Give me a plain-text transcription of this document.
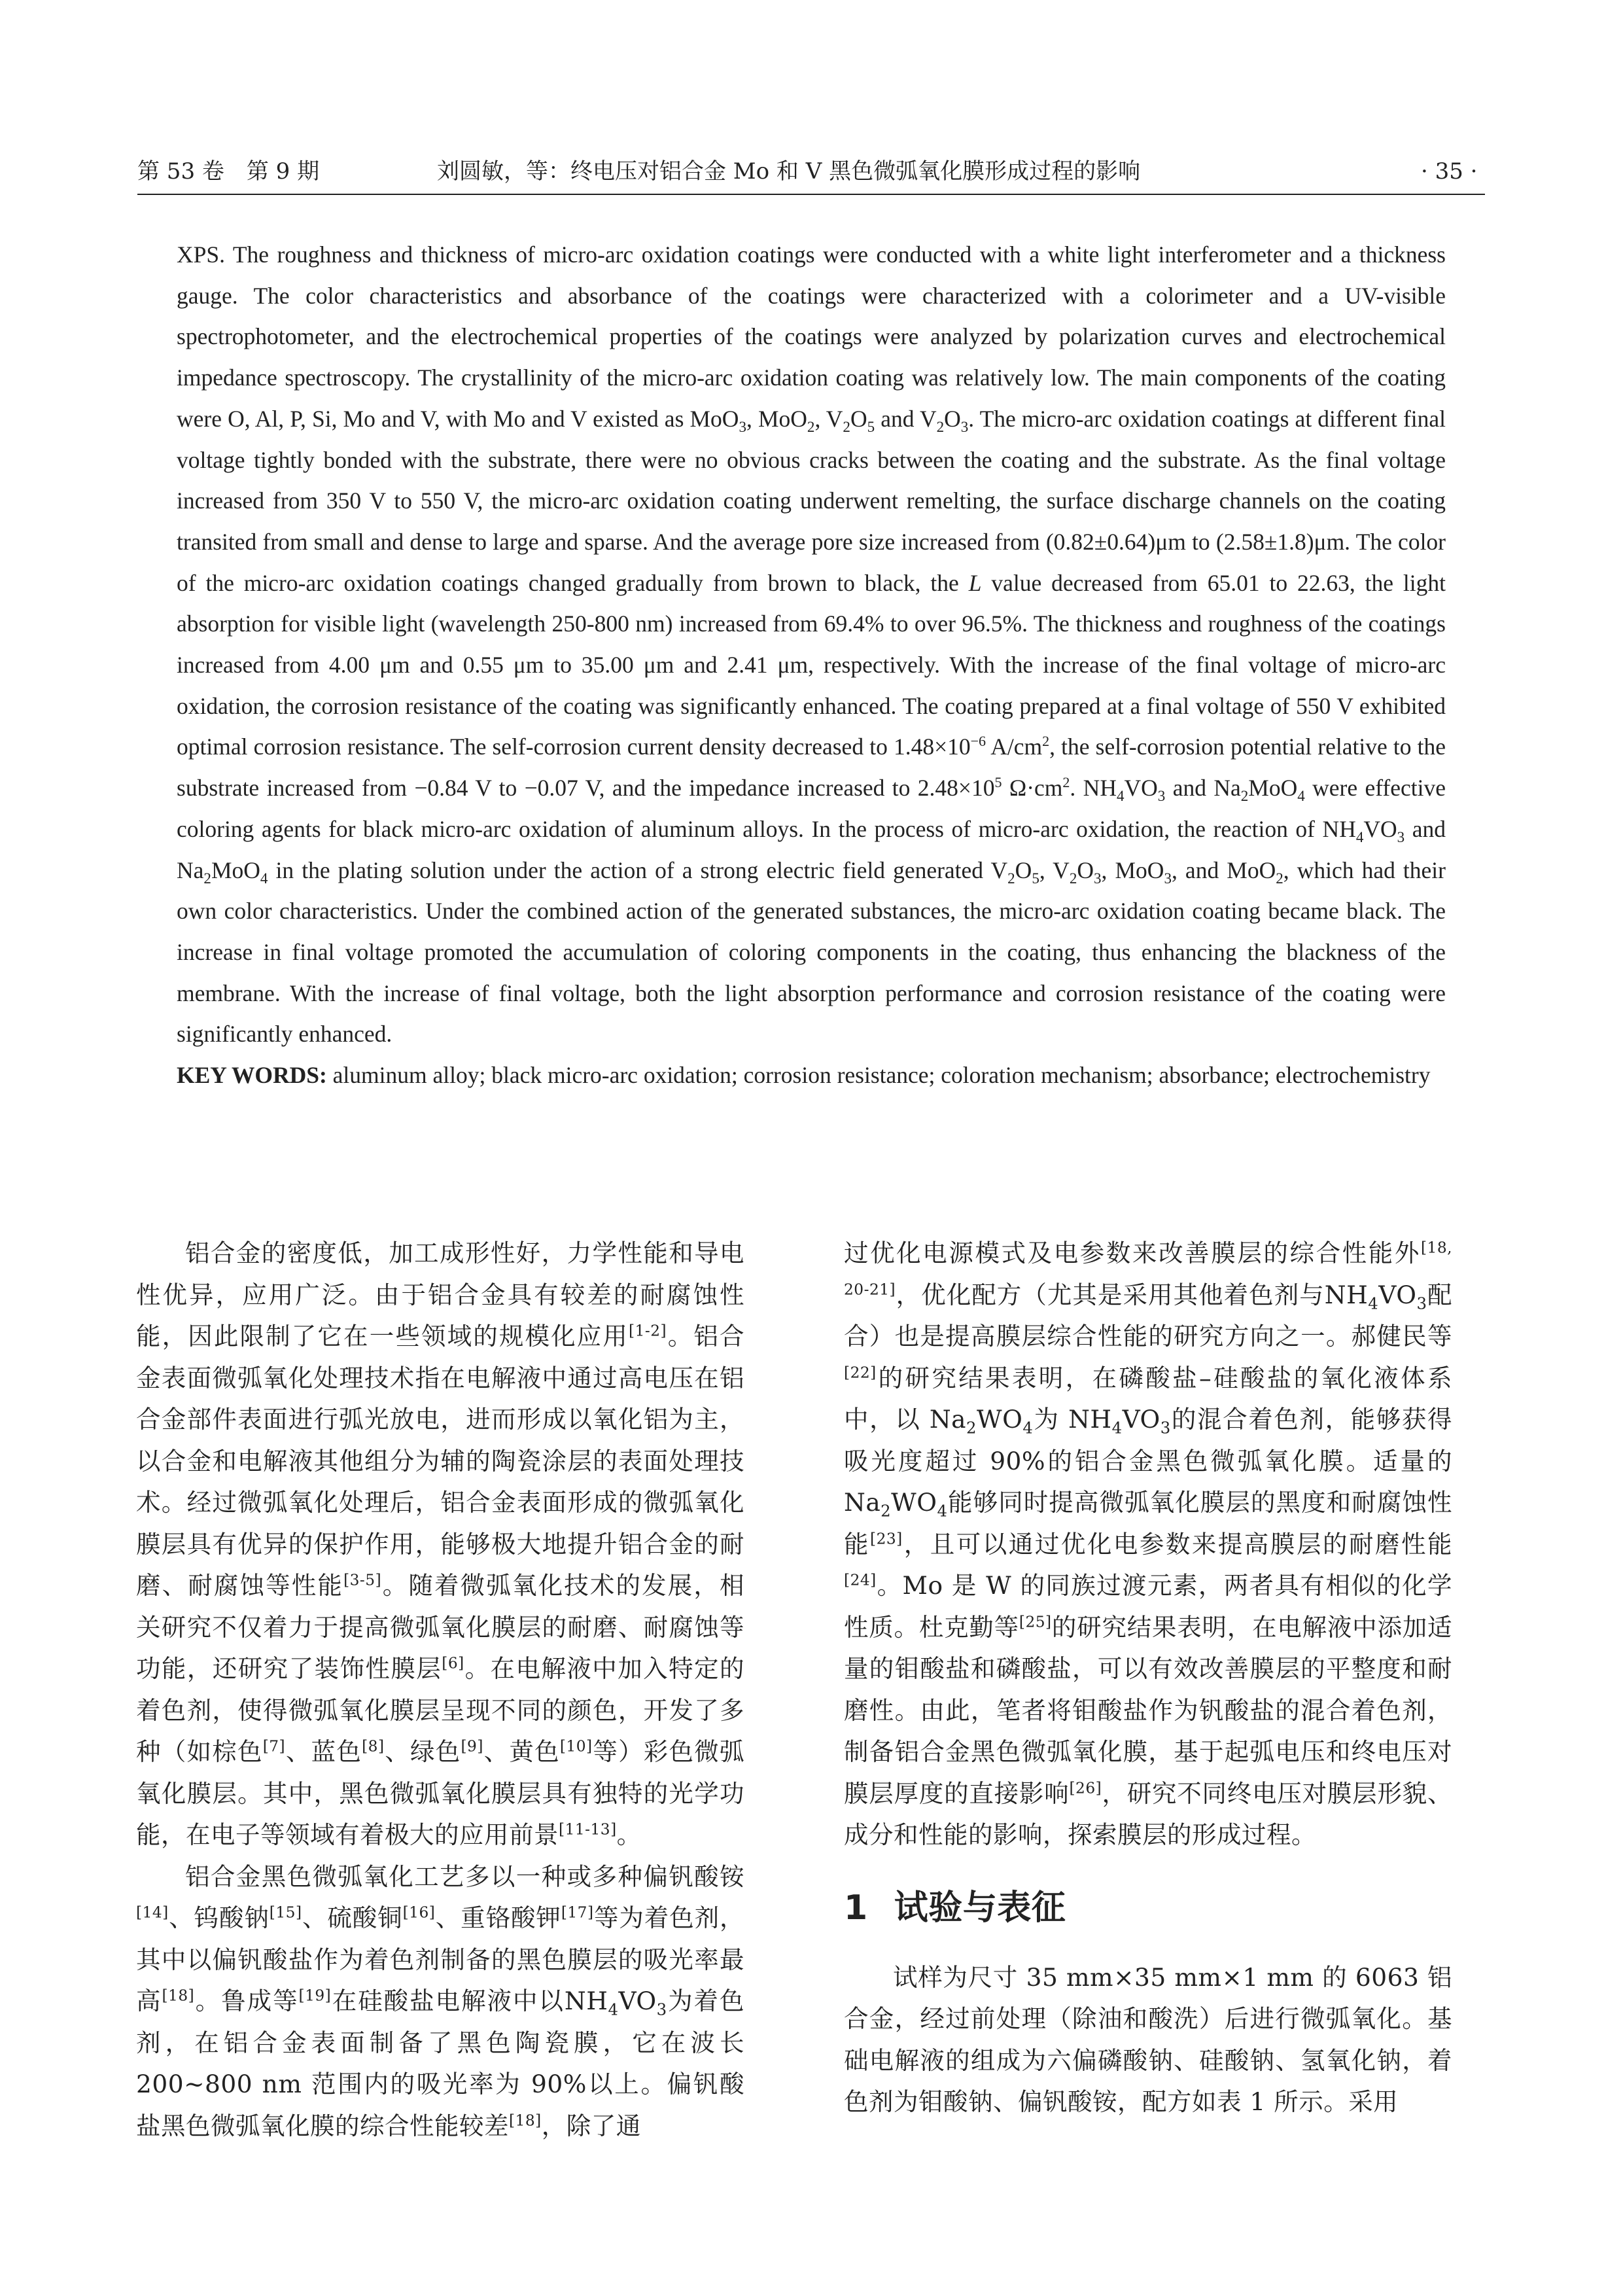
第 53 卷　第 9 期	刘圆敏，等：终电压对铝合金 Mo 和 V 黑色微弧氧化膜形成过程的影响	· 35 ·

XPS. The roughness and thickness of micro-arc oxidation coatings were conducted with a white light interferometer and a thickness gauge. The color characteristics and absorbance of the coatings were characterized with a colorimeter and a UV-visible spectrophotometer, and the electrochemical properties of the coatings were analyzed by polarization curves and electrochemical impedance spectroscopy. The crystallinity of the micro-arc oxidation coating was relatively low. The main components of the coating were O, Al, P, Si, Mo and V, with Mo and V existed as MoO$_3$, MoO$_2$, $V_2O_5$ and $V_2O_3$. The micro-arc oxidation coatings at different final voltage tightly bonded with the substrate, there were no obvious cracks between the coating and the substrate. As the final voltage increased from 350 V to 550 V, the micro-arc oxidation coating underwent remelting, the surface discharge channels on the coating transited from small and dense to large and sparse. And the average pore size increased from (0.82±0.64)μm to (2.58±1.8)μm. The color of the micro-arc oxidation coatings changed gradually from brown to black, the L value decreased from 65.01 to 22.63, the light absorption for visible light (wavelength 250-800 nm) increased from 69.4% to over 96.5%. The thickness and roughness of the coatings increased from 4.00 μm and 0.55 μm to 35.00 μm and 2.41 μm, respectively. With the increase of the final voltage of micro-arc oxidation, the corrosion resistance of the coating was significantly enhanced. The coating prepared at a final voltage of 550 V exhibited optimal corrosion resistance. The self-corrosion current density decreased to $1.48\times 10^{-6}$ $A/cm^2$, the self-corrosion potential relative to the substrate increased from −0.84 V to −0.07 V, and the impedance increased to $2.48\times 10^5$ $\Omega\cdot cm^2$. $NH_4VO_3$ and $Na_2MoO_4$ were effective coloring agents for black micro-arc oxidation of aluminum alloys. In the process of micro-arc oxidation, the reaction of $NH_4VO_3$ and $Na_2MoO_4$ in the plating solution under the action of a strong electric field generated $V_2O_5$, $V_2O_3$, MoO$_3$, and MoO$_2$, which had their own color characteristics. Under the combined action of the generated substances, the micro-arc oxidation coating became black. The increase in final voltage promoted the accumulation of coloring components in the coating, thus enhancing the blackness of the membrane. With the increase of final voltage, both the light absorption performance and corrosion resistance of the coating were significantly enhanced.

KEY WORDS: aluminum alloy; black micro-arc oxidation; corrosion resistance; coloration mechanism; absorbance; electrochemistry

铝合金的密度低，加工成形性好，力学性能和导电性优异，应用广泛。由于铝合金具有较差的耐腐蚀性能，因此限制了它在一些领域的规模化应用[1-2]。铝合金表面微弧氧化处理技术指在电解液中通过高电压在铝合金部件表面进行弧光放电，进而形成以氧化铝为主，以合金和电解液其他组分为辅的陶瓷涂层的表面处理技术。经过微弧氧化处理后，铝合金表面形成的微弧氧化膜层具有优异的保护作用，能够极大地提升铝合金的耐磨、耐腐蚀等性能[3-5]。随着微弧氧化技术的发展，相关研究不仅着力于提高微弧氧化膜层的耐磨、耐腐蚀等功能，还研究了装饰性膜层[6]。在电解液中加入特定的着色剂，使得微弧氧化膜层呈现不同的颜色，开发了多种（如棕色[7]、蓝色[8]、绿色[9]、黄色[10]等）彩色微弧氧化膜层。其中，黑色微弧氧化膜层具有独特的光学功能，在电子等领域有着极大的应用前景[11-13]。

铝合金黑色微弧氧化工艺多以一种或多种偏钒酸铵[14]、钨酸钠[15]、硫酸铜[16]、重铬酸钾[17]等为着色剂，其中以偏钒酸盐作为着色剂制备的黑色膜层的吸光率最高[18]。鲁成等[19]在硅酸盐电解液中以$NH_4VO_3$为着色剂，在铝合金表面制备了黑色陶瓷膜，它在波长 200~800 nm 范围内的吸光率为 90%以上。偏钒酸盐黑色微弧氧化膜的综合性能较差[18]，除了通

过优化电源模式及电参数来改善膜层的综合性能外[18, 20-21]，优化配方（尤其是采用其他着色剂与$NH_4VO_3$配合）也是提高膜层综合性能的研究方向之一。郝健民等[22]的研究结果表明，在磷酸盐–硅酸盐的氧化液体系中，以 $Na_2WO_4$为 $NH_4VO_3$的混合着色剂，能够获得吸光度超过 90%的铝合金黑色微弧氧化膜。适量的 $Na_2WO_4$能够同时提高微弧氧化膜层的黑度和耐腐蚀性能[23]，且可以通过优化电参数来提高膜层的耐磨性能[24]。Mo 是 W 的同族过渡元素，两者具有相似的化学性质。杜克勤等[25]的研究结果表明，在电解液中添加适量的钼酸盐和磷酸盐，可以有效改善膜层的平整度和耐磨性。由此，笔者将钼酸盐作为钒酸盐的混合着色剂，制备铝合金黑色微弧氧化膜，基于起弧电压和终电压对膜层厚度的直接影响[26]，研究不同终电压对膜层形貌、成分和性能的影响，探索膜层的形成过程。

1 试验与表征

试样为尺寸 35 mm×35 mm×1 mm 的 6063 铝合金，经过前处理（除油和酸洗）后进行微弧氧化。基础电解液的组成为六偏磷酸钠、硅酸钠、氢氧化钠，着色剂为钼酸钠、偏钒酸铵，配方如表 1 所示。采用
